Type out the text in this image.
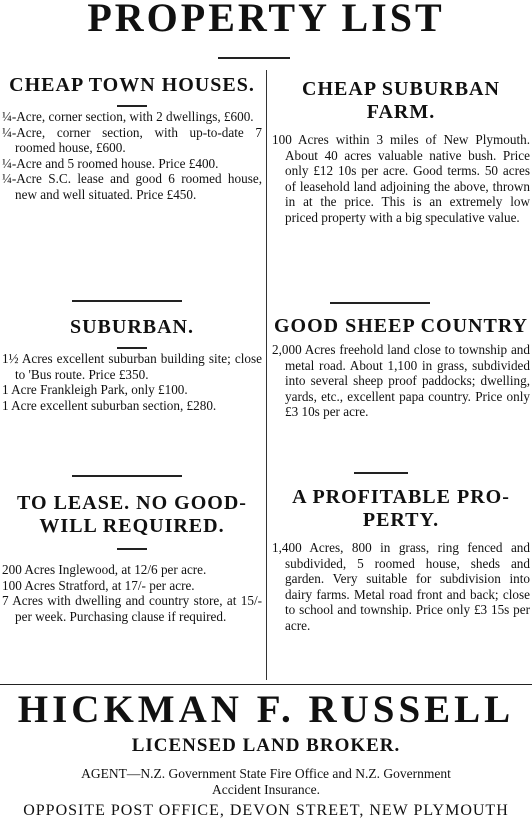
PROPERTY LIST
CHEAP TOWN HOUSES.

¼-Acre, corner section, with 2 dwellings, £600.

¼-Acre, corner section, with up-to-date 7 roomed house, £600.

¼-Acre and 5 roomed house. Price £400.

¼-Acre S.C. lease and good 6 roomed house, new and well situated. Price £450.

SUBURBAN.

1½ Acres excellent suburban building site; close to 'Bus route. Price £350.

1 Acre Frankleigh Park, only £100.

1 Acre excellent suburban section, £280.

TO LEASE. NO GOOD-
WILL REQUIRED.

200 Acres Inglewood, at 12/6 per acre.

100 Acres Stratford, at 17/- per acre.

7 Acres with dwelling and country store, at 15/- per week. Purchasing clause if required.

CHEAP SUBURBAN
FARM.

100 Acres within 3 miles of New Plymouth. About 40 acres valuable native bush. Price only £12 10s per acre. Good terms. 50 acres of leasehold land adjoining the above, thrown in at the price. This is an extremely low priced property with a big speculative value.

GOOD SHEEP COUNTRY

2,000 Acres freehold land close to township and metal road. About 1,100 in grass, subdivided into several sheep proof paddocks; dwelling, yards, etc., excellent papa country. Price only £3 10s per acre.

A PROFITABLE PRO-
PERTY.

1,400 Acres, 800 in grass, ring fenced and subdivided, 5 roomed house, sheds and garden. Very suitable for subdivision into dairy farms. Metal road front and back; close to school and township. Price only £3 15s per acre.

HICKMAN F. RUSSELL
LICENSED LAND BROKER.
AGENT—N.Z. Government State Fire Office and N.Z. Government
Accident Insurance.
OPPOSITE POST OFFICE, DEVON STREET, NEW PLYMOUTH
